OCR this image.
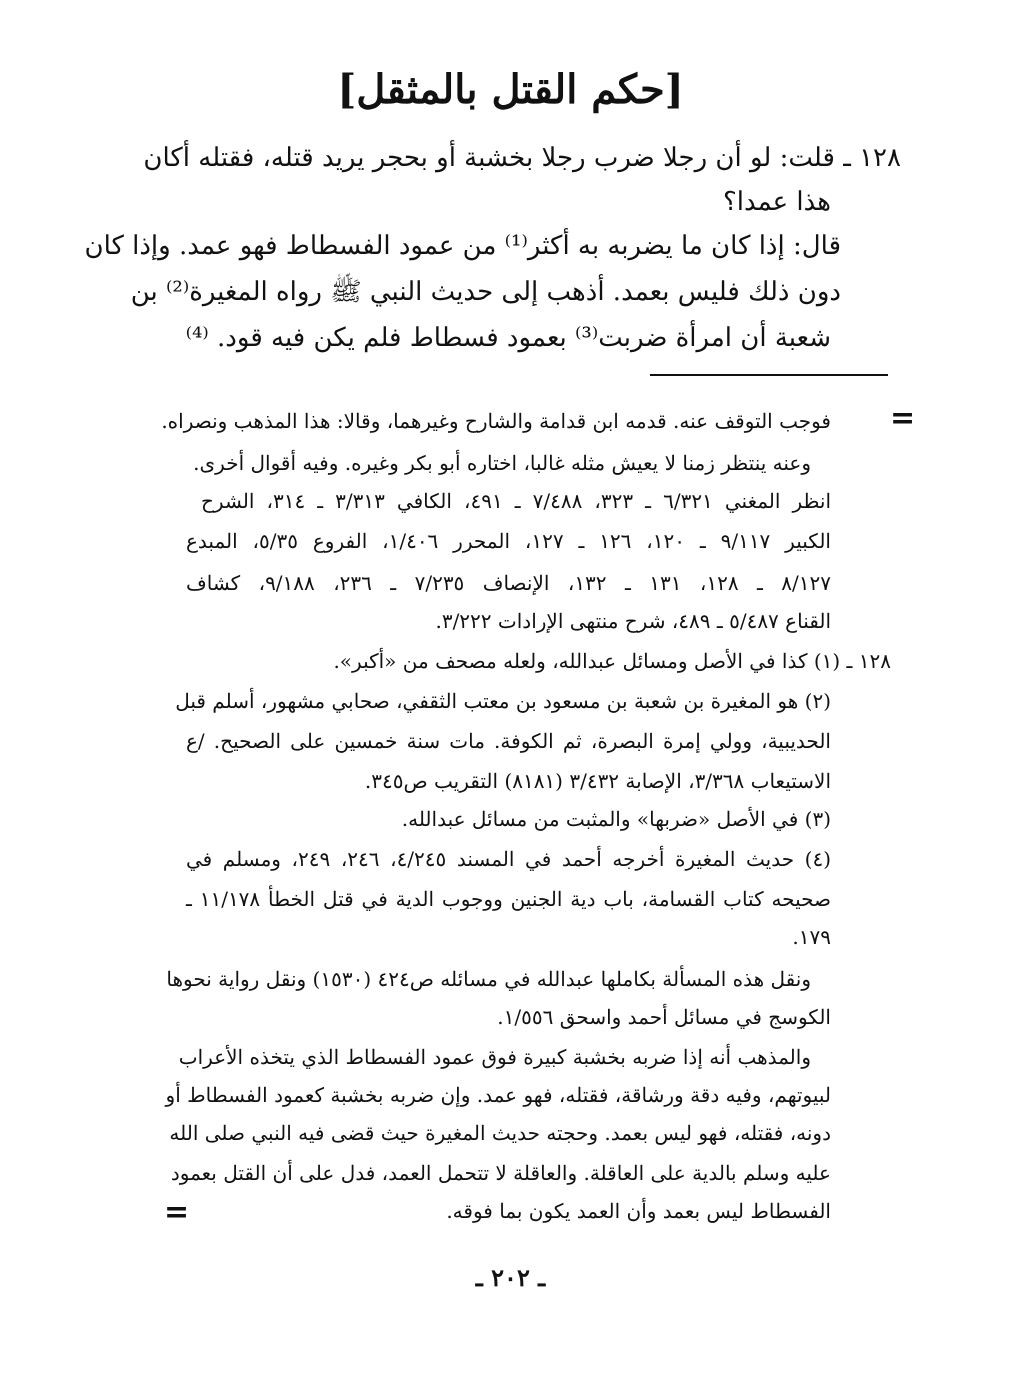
[حكم القتل بالمثقل]
١٢٨ ـ قلت: لو أن رجلا ضرب رجلا بخشبة أو بحجر يريد قتله، فقتله أكان
هذا عمدا؟
قال: إذا كان ما يضربه به أكثر⁽¹⁾ من عمود الفسطاط فهو عمد. وإذا كان
دون ذلك فليس بعمد. أذهب إلى حديث النبي ﷺ رواه المغيرة⁽²⁾ بن
شعبة أن امرأة ضربت⁽³⁾ بعمود فسطاط فلم يكن فيه قود. ⁽⁴⁾
=
فوجب التوقف عنه. قدمه ابن قدامة والشارح وغيرهما، وقالا: هذا المذهب ونصراه.
وعنه ينتظر زمنا لا يعيش مثله غالبا، اختاره أبو بكر وغيره. وفيه أقوال أخرى.
انظر المغني ٦/٣٢١ ـ ٣٢٣، ٧/٤٨٨ ـ ٤٩١، الكافي ٣/٣١٣ ـ ٣١٤، الشرح
الكبير ٩/١١٧ ـ ١٢٠، ١٢٦ ـ ١٢٧، المحرر ١/٤٠٦، الفروع ٥/٣٥، المبدع
٨/١٢٧ ـ ١٢٨، ١٣١ ـ ١٣٢، الإنصاف ٧/٢٣٥ ـ ٢٣٦، ٩/١٨٨، كشاف
القناع ٥/٤٨٧ ـ ٤٨٩، شرح منتهى الإرادات ٣/٢٢٢.
١٢٨ ـ (١) كذا في الأصل ومسائل عبدالله، ولعله مصحف من «أكبر».
(٢) هو المغيرة بن شعبة بن مسعود بن معتب الثقفي، صحابي مشهور، أسلم قبل
الحديبية، وولي إمرة البصرة، ثم الكوفة. مات سنة خمسين على الصحيح. /ع
الاستيعاب ٣/٣٦٨، الإصابة ٣/٤٣٢ (٨١٨١) التقريب ص٣٤٥.
(٣) في الأصل «ضربها» والمثبت من مسائل عبدالله.
(٤) حديث المغيرة أخرجه أحمد في المسند ٤/٢٤٥، ٢٤٦، ٢٤٩، ومسلم في
صحيحه كتاب القسامة، باب دية الجنين ووجوب الدية في قتل الخطأ ١١/١٧٨ ـ
١٧٩.
ونقل هذه المسألة بكاملها عبدالله في مسائله ص٤٢٤ (١٥٣٠) ونقل رواية نحوها
الكوسج في مسائل أحمد واسحق ١/٥٥٦.
والمذهب أنه إذا ضربه بخشبة كبيرة فوق عمود الفسطاط الذي يتخذه الأعراب
لبيوتهم، وفيه دقة ورشاقة، فقتله، فهو عمد. وإن ضربه بخشبة كعمود الفسطاط أو
دونه، فقتله، فهو ليس بعمد. وحجته حديث المغيرة حيث قضى فيه النبي صلى الله
عليه وسلم بالدية على العاقلة. والعاقلة لا تتحمل العمد، فدل على أن القتل بعمود
الفسطاط ليس بعمد وأن العمد يكون بما فوقه.
=
ـ ٢٠٢ ـ
